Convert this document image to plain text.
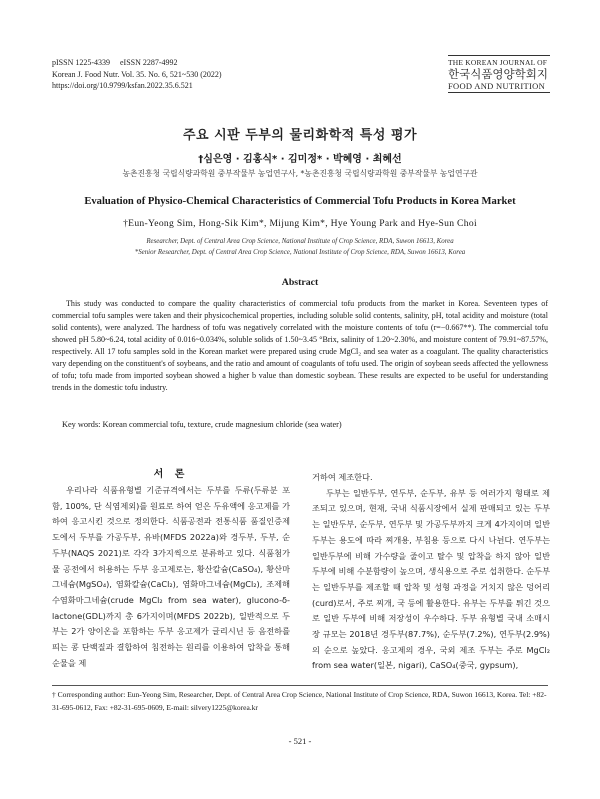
pISSN 1225-4339     eISSN 2287-4992
Korean J. Food Nutr. Vol. 35. No. 6, 521~530 (2022)
https://doi.org/10.9799/ksfan.2022.35.6.521
THE KOREAN JOURNAL OF
한국식품영양학회지
FOOD AND NUTRITION
주요 시판 두부의 물리화학적 특성 평가
†심은영 · 김홍식* · 김미정* · 박혜영 · 최혜선
농촌진흥청 국립식량과학원 중부작물부 농업연구사, *농촌진흥청 국립식량과학원 중부작물부 농업연구관
Evaluation of Physico-Chemical Characteristics of Commercial Tofu Products in Korea Market
†Eun-Yeong Sim, Hong-Sik Kim*, Mijung Kim*, Hye Young Park and Hye-Sun Choi
Researcher, Dept. of Central Area Crop Science, National Institute of Crop Science, RDA, Suwon 16613, Korea
*Senior Researcher, Dept. of Central Area Crop Science, National Institute of Crop Science, RDA, Suwon 16613, Korea
Abstract
This study was conducted to compare the quality characteristics of commercial tofu products from the market in Korea. Seventeen types of commercial tofu samples were taken and their physicochemical properties, including soluble solid contents, salinity, pH, total acidity and moisture (total solid contents), were analyzed. The hardness of tofu was negatively correlated with the moisture contents of tofu (r=−0.667**). The commercial tofu showed pH 5.80~6.24, total acidity of 0.016~0.034%, soluble solids of 1.50~3.45 °Brix, salinity of 1.20~2.30%, and moisture content of 79.91~87.57%, respectively. All 17 tofu samples sold in the Korean market were prepared using crude MgCl₂ and sea water as a coagulant. The quality characteristics vary depending on the constituent's of soybeans, and the ratio and amount of coagulants of tofu used. The origin of soybean seeds affected the yellowness of tofu; tofu made from imported soybean showed a higher b value than domestic soybean. These results are expected to be useful for understanding trends in the domestic tofu industry.
Key words: Korean commercial tofu, texture, crude magnesium chloride (sea water)
서 론

우리나라 식품유형별 기준규격에서는 두부를 두류(두류분 포함, 100%, 단 식염제외)를 원료로 하여 얻은 두유액에 응고제를 가하여 응고시킨 것으로 정의한다. 식품공전과 전통식품 품질인증제도에서 두부를 가공두부, 유바(MFDS 2022a)와 경두부, 두부, 순두부(NAQS 2021)로 각각 3가지씩으로 분류하고 있다. 식품첨가물 공전에서 허용하는 두부 응고제로는, 황산칼슘(CaSO₄), 황산마그네슘(MgSO₄), 염화칼슘(CaCl₂), 염화마그네슘(MgCl₂), 조제해수염화마그네슘(crude MgCl₂ from sea water), glucono-δ-lactone(GDL)까지 총 6가지이며(MFDS 2022b), 일반적으로 두부는 2가 양이온을 포함하는 두부 응고제가 글리시닌 등 음전하를 띄는 콩 단백질과 결합하여 침전하는 원리를 이용하여 압착을 통해 순물을 제

거하여 제조한다.

두부는 일반두부, 연두부, 순두부, 유부 등 여러가지 형태로 제조되고 있으며, 현재, 국내 식품시장에서 실제 판매되고 있는 두부는 일반두부, 순두부, 연두부 및 가공두부까지 크게 4가지이며 일반두부는 용도에 따라 찌개용, 부침용 등으로 다시 나뉜다. 연두부는 일반두부에 비해 가수량을 줄이고 탈수 및 압착을 하지 않아 일반 두부에 비해 수분함량이 높으며, 생식용으로 주로 섭취한다. 순두부는 일반두부를 제조할 때 압착 및 성형 과정을 거치지 않은 덩어리(curd)로서, 주로 찌개, 국 등에 활용한다. 유부는 두부를 튀긴 것으로 일반 두부에 비해 저장성이 우수하다. 두부 유형별 국내 소매시장 규모는 2018년 경두부(87.7%), 순두부(7.2%), 연두부(2.9%)의 순으로 높았다. 응고제의 경우, 국외 제조 두부는 주로 MgCl₂ from sea water(일본, nigari), CaSO₄(중국, gypsum),

† Corresponding author: Eun-Yeong Sim, Researcher, Dept. of Central Area Crop Science, National Institute of Crop Science, RDA, Suwon 16613, Korea. Tel: +82-31-695-0612, Fax: +82-31-695-0609, E-mail: silvery1225@korea.kr
- 521 -
